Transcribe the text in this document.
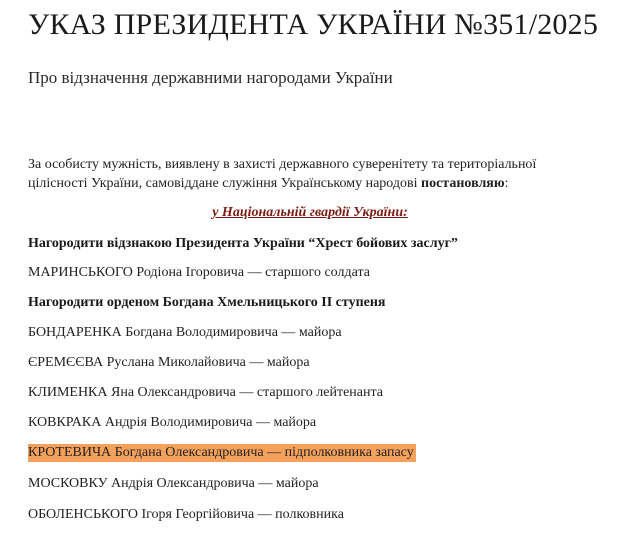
УКАЗ ПРЕЗИДЕНТА УКРАЇНИ №351/2025
Про відзначення державними нагородами України
За особисту мужність, виявлену в захисті державного суверенітету та територіальної цілісності України, самовіддане служіння Українському народові постановляю:
у Національній гвардії України:
Нагородити відзнакою Президента України “Хрест бойових заслуг”
МАРИНСЬКОГО Родіона Ігоровича — старшого солдата
Нагородити орденом Богдана Хмельницького II ступеня
БОНДАРЕНКА Богдана Володимировича — майора
ЄРЕМЄЄВА Руслана Миколайовича — майора
КЛИМЕНКА Яна Олександровича — старшого лейтенанта
КОВКРАКА Андрія Володимировича — майора
КРОТЕВИЧА Богдана Олександровича — підполковника запасу
МОСКОВКУ Андрія Олександровича — майора
ОБОЛЕНСЬКОГО Ігоря Георгійовича — полковника
